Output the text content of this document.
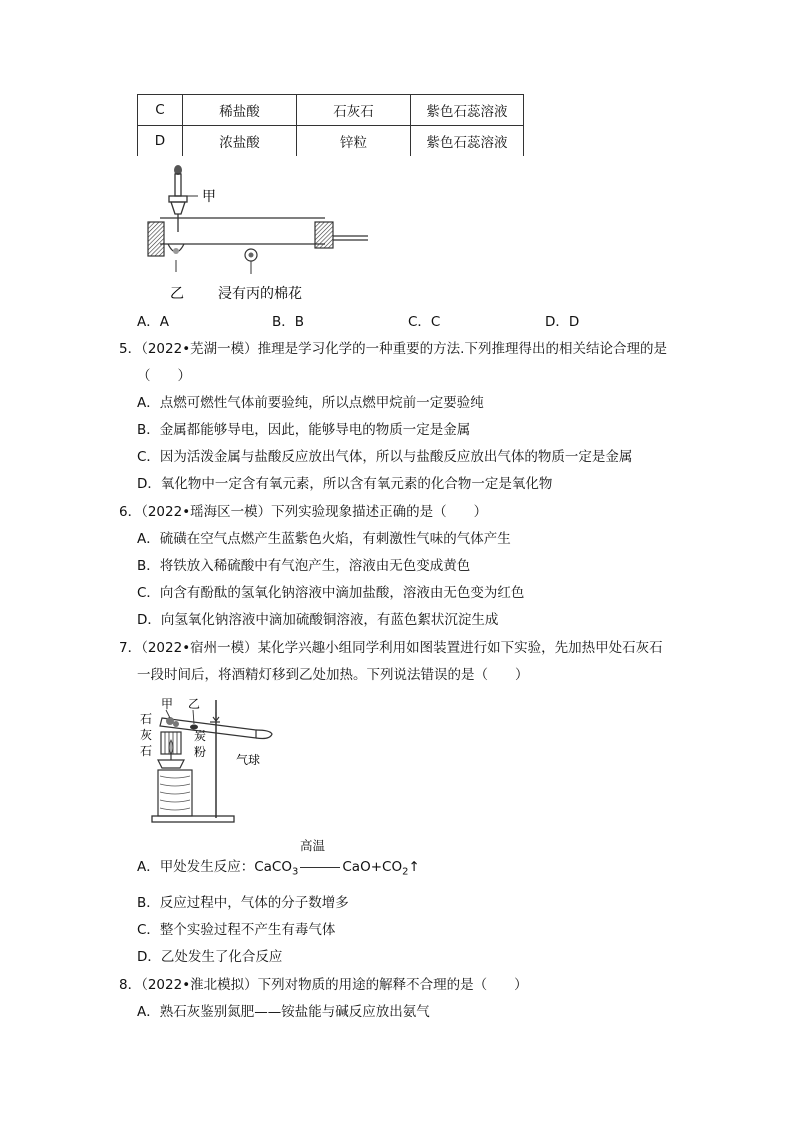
C	稀盐酸	石灰石	紫色石蕊溶液
D	浓盐酸	锌粒	紫色石蕊溶液
甲
乙 浸有丙的棉花
A．A	B．B	C．C	D．D
5．（2022•芜湖一模）推理是学习化学的一种重要的方法.下列推理得出的相关结论合理的是
（　　）
A．点燃可燃性气体前要验纯，所以点燃甲烷前一定要验纯
B．金属都能够导电，因此，能够导电的物质一定是金属
C．因为活泼金属与盐酸反应放出气体，所以与盐酸反应放出气体的物质一定是金属
D．氧化物中一定含有氧元素，所以含有氧元素的化合物一定是氧化物
6．（2022•瑶海区一模）下列实验现象描述正确的是（　　）
A．硫磺在空气点燃产生蓝紫色火焰，有刺激性气味的气体产生
B．将铁放入稀硫酸中有气泡产生，溶液由无色变成黄色
C．向含有酚酞的氢氧化钠溶液中滴加盐酸，溶液由无色变为红色
D．向氢氧化钠溶液中滴加硫酸铜溶液，有蓝色絮状沉淀生成
7．（2022•宿州一模）某化学兴趣小组同学利用如图装置进行如下实验，先加热甲处石灰石
一段时间后，将酒精灯移到乙处加热。下列说法错误的是（　　）
甲 乙
石
灰
石
炭
粉
气球
高温
A．甲处发生反应：CaCO$_3$	$CaO+CO_2↑$
B．反应过程中，气体的分子数增多
C．整个实验过程不产生有毒气体
D．乙处发生了化合反应
8．（2022•淮北模拟）下列对物质的用途的解释不合理的是（　　）
A．熟石灰鉴别氮肥——铵盐能与碱反应放出氨气
